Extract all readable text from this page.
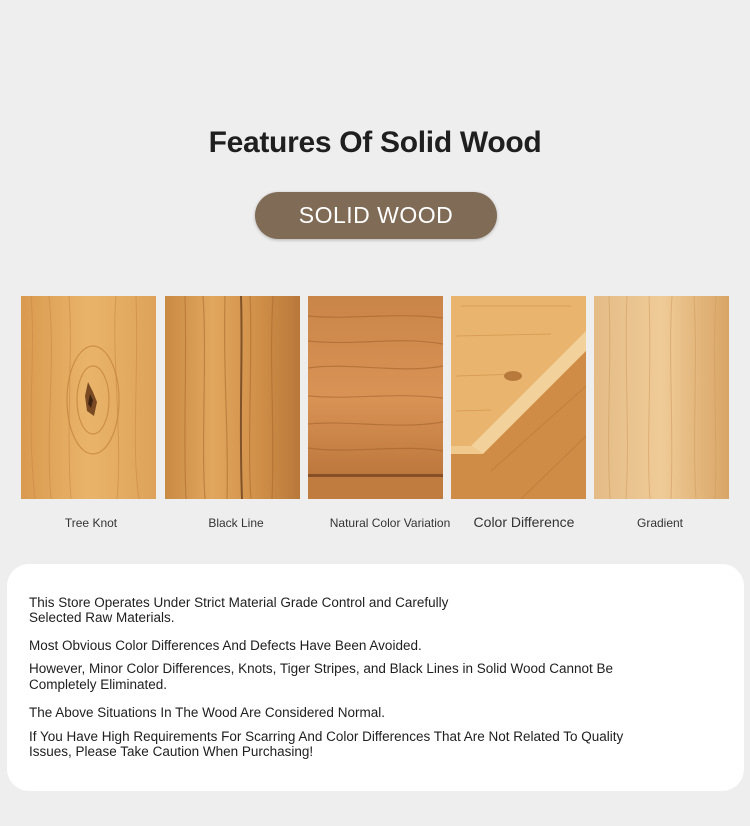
Features Of Solid Wood
SOLID WOOD
Tree Knot	Black Line	Natural Color Variation	Color Difference	Gradient

This Store Operates Under Strict Material Grade Control and Carefully

Selected Raw Materials.

Most Obvious Color Differences And Defects Have Been Avoided.

However, Minor Color Differences, Knots, Tiger Stripes, and Black Lines in Solid Wood Cannot Be

Completely Eliminated.

The Above Situations In The Wood Are Considered Normal.

If You Have High Requirements For Scarring And Color Differences That Are Not Related To Quality

Issues, Please Take Caution When Purchasing!
